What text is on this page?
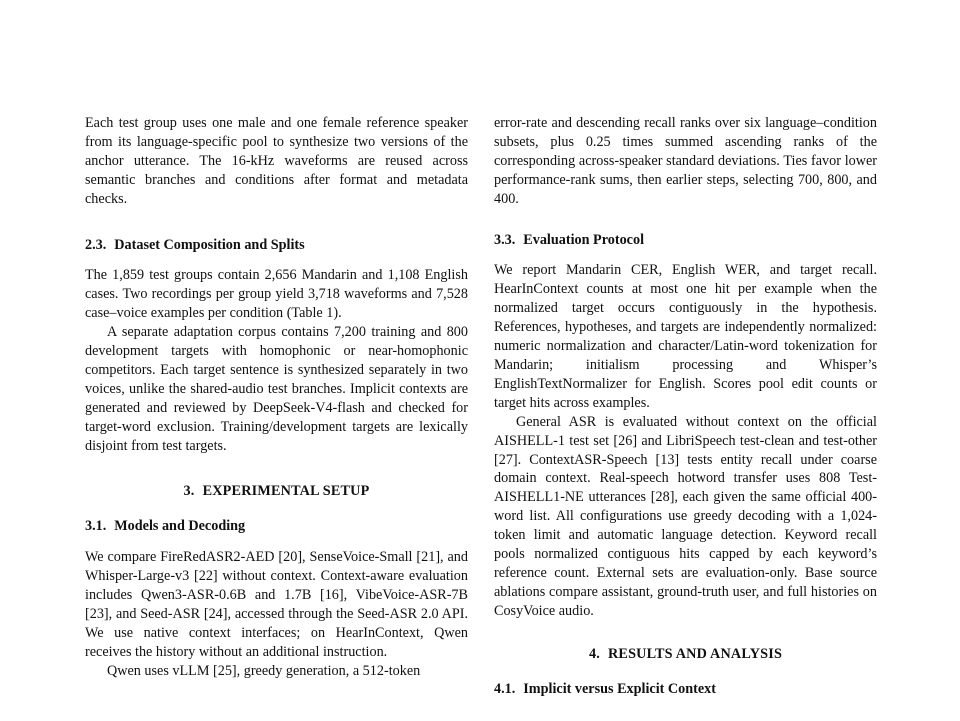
Each test group uses one male and one female reference speaker from its language-specific pool to synthesize two versions of the anchor utterance. The 16-kHz waveforms are reused across semantic branches and conditions after format and metadata checks.

2.3. Dataset Composition and Splits

The 1,859 test groups contain 2,656 Mandarin and 1,108 English cases. Two recordings per group yield 3,718 waveforms and 7,528 case–voice examples per condition (Table 1).

A separate adaptation corpus contains 7,200 training and 800 development targets with homophonic or near-homophonic competitors. Each target sentence is synthesized separately in two voices, unlike the shared-audio test branches. Implicit contexts are generated and reviewed by DeepSeek-V4-flash and checked for target-word exclusion. Training/development targets are lexically disjoint from test targets.

3. EXPERIMENTAL SETUP
3.1. Models and Decoding

We compare FireRedASR2-AED [20], SenseVoice-Small [21], and Whisper-Large-v3 [22] without context. Context-aware evaluation includes Qwen3-ASR-0.6B and 1.7B [16], VibeVoice-ASR-7B [23], and Seed-ASR [24], accessed through the Seed-ASR 2.0 API. We use native context interfaces; on HearInContext, Qwen receives the history without an additional instruction.

Qwen uses vLLM [25], greedy generation, a 512-token

error-rate and descending recall ranks over six language–condition subsets, plus 0.25 times summed ascending ranks of the corresponding across-speaker standard deviations. Ties favor lower performance-rank sums, then earlier steps, selecting 700, 800, and 400.

3.3. Evaluation Protocol

We report Mandarin CER, English WER, and target recall. HearInContext counts at most one hit per example when the normalized target occurs contiguously in the hypothesis. References, hypotheses, and targets are independently normalized: numeric normalization and character/Latin-word tokenization for Mandarin; initialism processing and Whisper’s EnglishTextNormalizer for English. Scores pool edit counts or target hits across examples.

General ASR is evaluated without context on the official AISHELL-1 test set [26] and LibriSpeech test-clean and test-other [27]. ContextASR-Speech [13] tests entity recall under coarse domain context. Real-speech hotword transfer uses 808 Test-AISHELL1-NE utterances [28], each given the same official 400-word list. All configurations use greedy decoding with a 1,024-token limit and automatic language detection. Keyword recall pools normalized contiguous hits capped by each keyword’s reference count. External sets are evaluation-only. Base source ablations compare assistant, ground-truth user, and full histories on CosyVoice audio.

4. RESULTS AND ANALYSIS
4.1. Implicit versus Explicit Context
